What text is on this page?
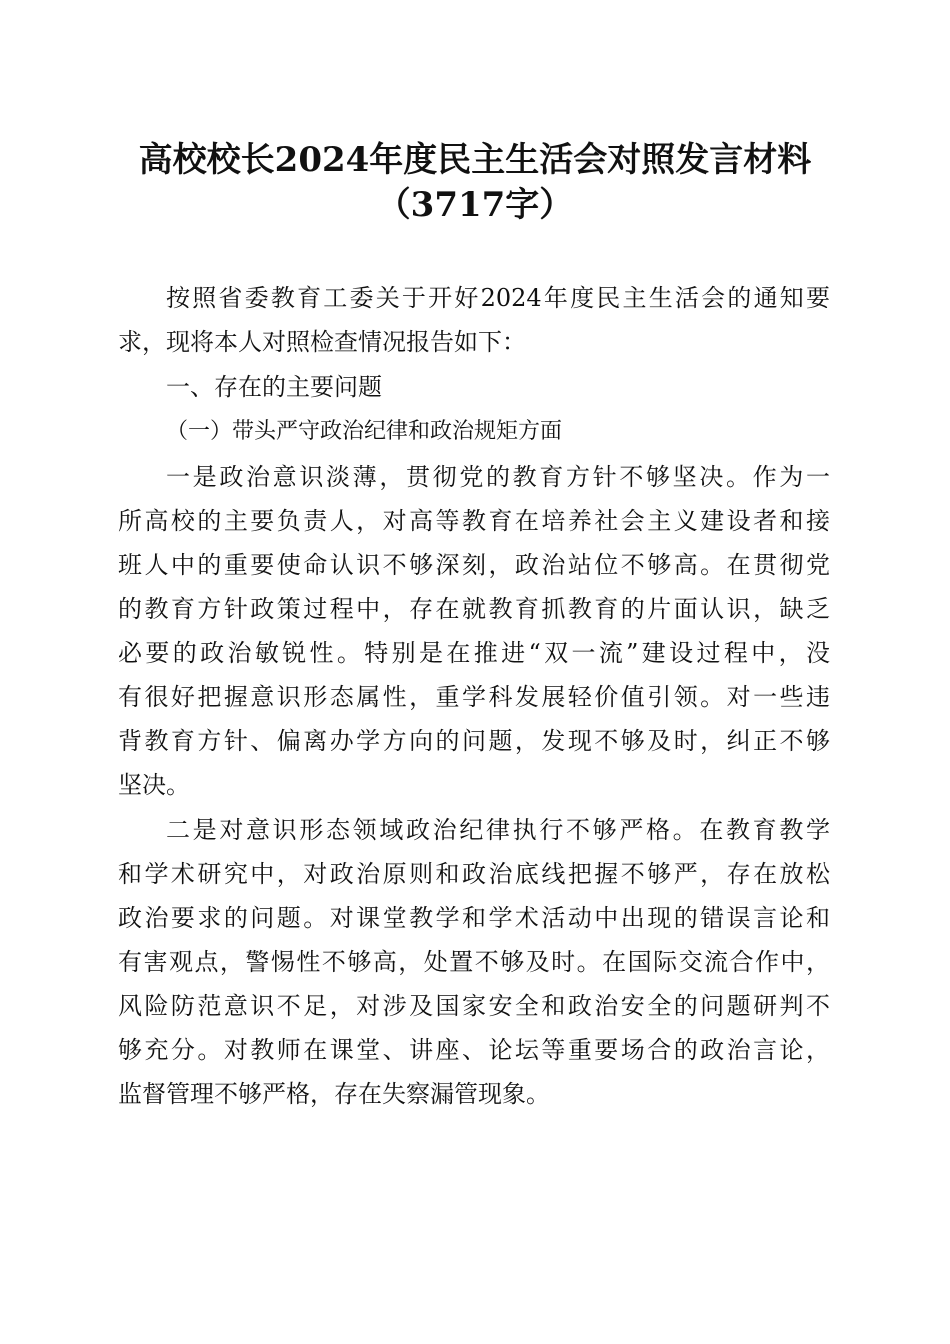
高校校长2024年度民主生活会对照发言材料
（3717字）
按照省委教育工委关于开好2024年度民主生活会的通知要
求，现将本人对照检查情况报告如下：
一、存在的主要问题
（一）带头严守政治纪律和政治规矩方面
一是政治意识淡薄，贯彻党的教育方针不够坚决。作为一
所高校的主要负责人，对高等教育在培养社会主义建设者和接
班人中的重要使命认识不够深刻，政治站位不够高。在贯彻党
的教育方针政策过程中，存在就教育抓教育的片面认识，缺乏
必要的政治敏锐性。特别是在推进“双一流”建设过程中，没
有很好把握意识形态属性，重学科发展轻价值引领。对一些违
背教育方针、偏离办学方向的问题，发现不够及时，纠正不够
坚决。
二是对意识形态领域政治纪律执行不够严格。在教育教学
和学术研究中，对政治原则和政治底线把握不够严，存在放松
政治要求的问题。对课堂教学和学术活动中出现的错误言论和
有害观点，警惕性不够高，处置不够及时。在国际交流合作中，
风险防范意识不足，对涉及国家安全和政治安全的问题研判不
够充分。对教师在课堂、讲座、论坛等重要场合的政治言论，
监督管理不够严格，存在失察漏管现象。
